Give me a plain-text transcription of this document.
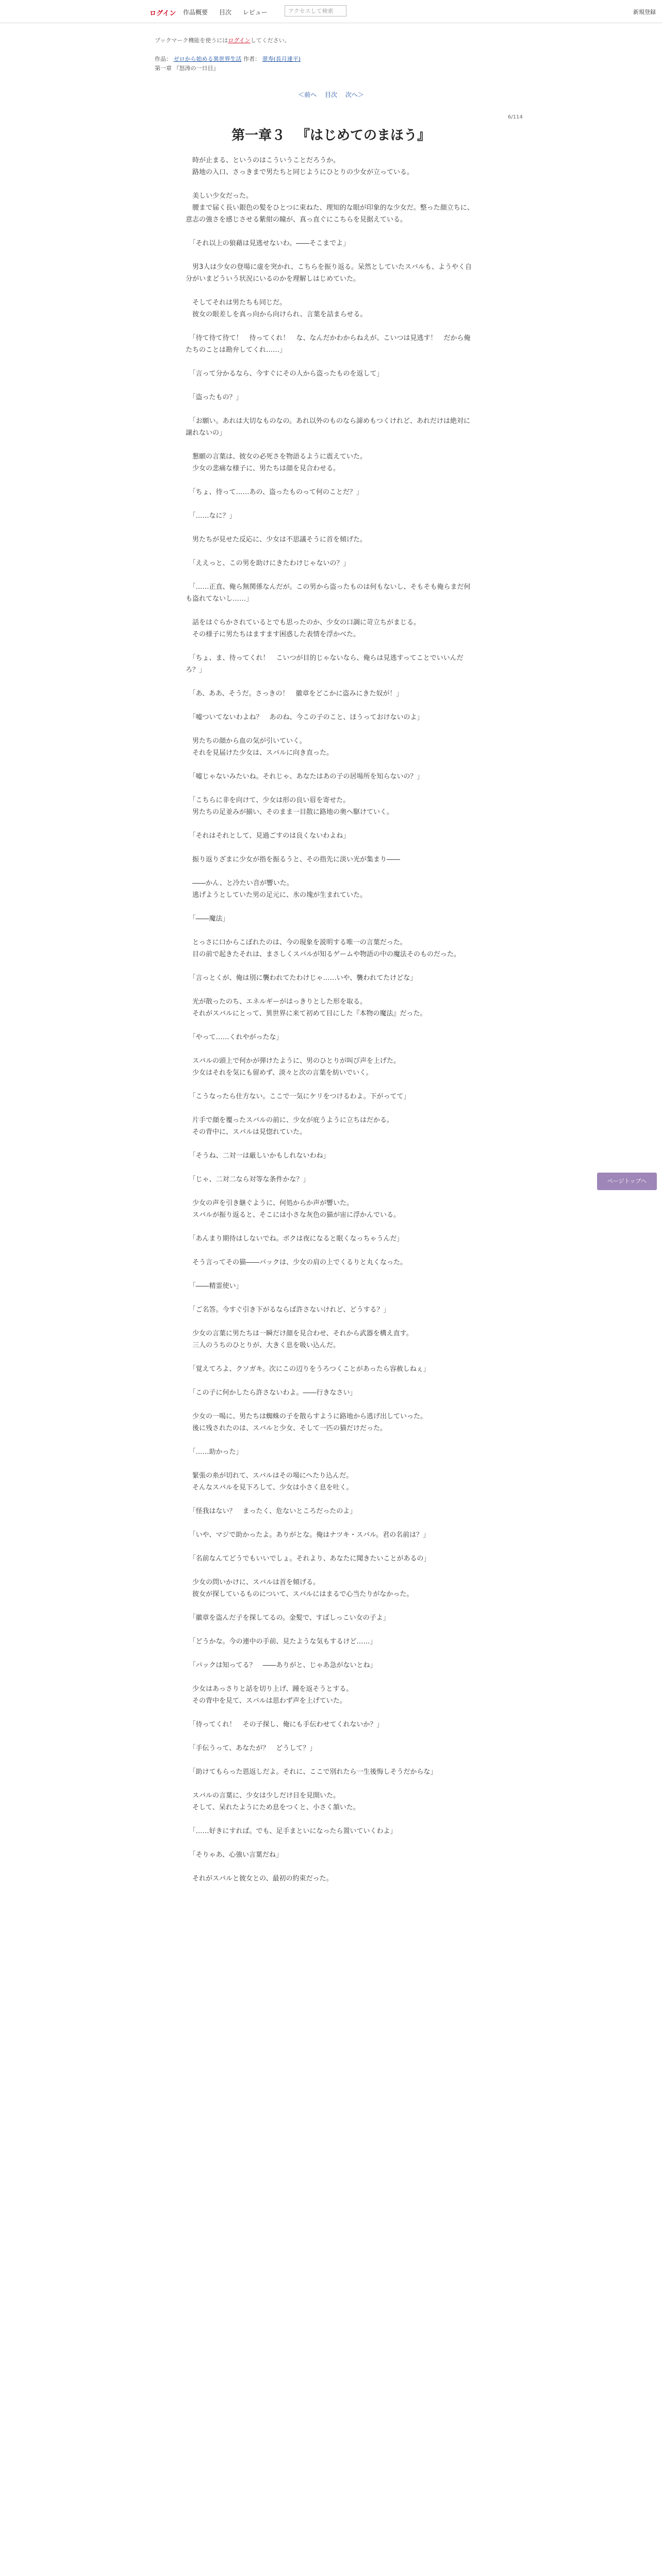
ログイン 作品概要 目次 レビュー	アクセスして検索	新規登録
ブックマーク機能を使うにはログインしてください。
作品： ゼロから始める異世界生活 作者： 翠寿(長月達平)
第一章 『怒涛の一日目』
＜前へ 目次 次へ＞
6/114
第一章３ 　『はじめてのまほう』

　時が止まる、というのはこういうことだろうか。
　路地の入口、さっきまで男たちと同じようにひとりの少女が立っている。

　美しい少女だった。
　腰まで届く長い銀色の髪をひとつに束ねた、理知的な眼が印象的な少女だ。整った顔立ちに、意志の強さを感じさせる紫紺の瞳が、真っ直ぐにこちらを見据えている。

　「それ以上の狼藉は見逃せないわ。――そこまでよ」

　男3人は少女の登場に虚を突かれ、こちらを振り返る。呆然としていたスバルも、ようやく自分がいまどういう状況にいるのかを理解しはじめていた。

　そしてそれは男たちも同じだ。
　彼女の眼差しを真っ向から向けられ、言葉を詰まらせる。

　「待て待て待て！　待ってくれ！　な、なんだかわからねえが、こいつは見逃す！　だから俺たちのことは勘弁してくれ……」

　「言って分かるなら、今すぐにその人から盗ったものを返して」

　「盗ったもの？」

　「お願い。あれは大切なものなの。あれ以外のものなら諦めもつくけれど、あれだけは絶対に譲れないの」

　懇願の言葉は、彼女の必死さを物語るように震えていた。
　少女の悲痛な様子に、男たちは顔を見合わせる。

　「ちょ、待って……あの、盗ったものって何のことだ？」

　「……なに？」

　男たちが見せた反応に、少女は不思議そうに首を傾げた。

　「ええっと、この男を助けにきたわけじゃないの？」

　「……正直、俺ら無関係なんだが。この男から盗ったものは何もないし、そもそも俺らまだ何も盗れてないし……」

　話をはぐらかされているとでも思ったのか、少女の口調に苛立ちがまじる。
　その様子に男たちはますます困惑した表情を浮かべた。

　「ちょ、ま、待ってくれ！　こいつが目的じゃないなら、俺らは見逃すってことでいいんだろ？」

　「あ、ああ、そうだ。さっきの！　徽章をどこかに盗みにきた奴が！」

　「嘘ついてないわよね？　あのね、今この子のこと、ほうっておけないのよ」

　男たちの顔から血の気が引いていく。
　それを見届けた少女は、スバルに向き直った。

　「嘘じゃないみたいね。それじゃ、あなたはあの子の居場所を知らないの？」

　「こちらに非を向けて、少女は形の良い眉を寄せた。
　男たちの足並みが揃い、そのまま一目散に路地の奥へ駆けていく。

　「それはそれとして、見過ごすのは良くないわよね」

　振り返りざまに少女が指を振るうと、その指先に淡い光が集まり――

　――かん、と冷たい音が響いた。
　逃げようとしていた男の足元に、氷の塊が生まれていた。

　「――魔法」

　とっさに口からこぼれたのは、今の現象を説明する唯一の言葉だった。
　目の前で起きたそれは、まさしくスバルが知るゲームや物語の中の魔法そのものだった。

　「言っとくが、俺は別に襲われてたわけじゃ……いや、襲われてたけどな」

　光が散ったのち、エネルギーがはっきりとした形を取る。
　それがスバルにとって、異世界に来て初めて目にした『本物の魔法』だった。

　「やって……くれやがったな」

　スバルの頭上で何かが弾けたように、男のひとりが叫び声を上げた。
　少女はそれを気にも留めず、淡々と次の言葉を紡いでいく。

　「こうなったら仕方ない。ここで一気にケリをつけるわよ。下がってて」

　片手で顔を覆ったスバルの前に、少女が庇うように立ちはだかる。
　その背中に、スバルは見惚れていた。

　「そうね、二対一は厳しいかもしれないわね」

　「じゃ、二対二なら対等な条件かな？」

　少女の声を引き継ぐように、何処からか声が響いた。
　スバルが振り返ると、そこには小さな灰色の猫が宙に浮かんでいる。

　「あんまり期待はしないでね。ボクは夜になると眠くなっちゃうんだ」

　そう言ってその猫――パックは、少女の肩の上でくるりと丸くなった。

　「――精霊使い」

　「ご名答。今すぐ引き下がるならば許さないけれど、どうする？」

　少女の言葉に男たちは一瞬だけ顔を見合わせ、それから武器を構え直す。
　三人のうちのひとりが、大きく息を吸い込んだ。

　「覚えてろよ、クソガキ。次にこの辺りをうろつくことがあったら容赦しねぇ」

　「この子に何かしたら許さないわよ。――行きなさい」

　少女の一喝に、男たちは蜘蛛の子を散らすように路地から逃げ出していった。
　後に残されたのは、スバルと少女、そして一匹の猫だけだった。

　「……助かった」

　緊張の糸が切れて、スバルはその場にへたり込んだ。
　そんなスバルを見下ろして、少女は小さく息を吐く。

　「怪我はない？　まったく、危ないところだったのよ」

　「いや、マジで助かったよ。ありがとな。俺はナツキ・スバル。君の名前は？」

　「名前なんてどうでもいいでしょ。それより、あなたに聞きたいことがあるの」

　少女の問いかけに、スバルは首を傾げる。
　彼女が探しているものについて、スバルにはまるで心当たりがなかった。

　「徽章を盗んだ子を探してるの。金髪で、すばしっこい女の子よ」

　「どうかな。今の連中の手前、見たような気もするけど……」

　「パックは知ってる？　――ありがと、じゃあ急がないとね」

　少女はあっさりと話を切り上げ、踵を返そうとする。
　その背中を見て、スバルは思わず声を上げていた。

　「待ってくれ！　その子探し、俺にも手伝わせてくれないか？」

　「手伝うって、あなたが？　どうして？」

　「助けてもらった恩返しだよ。それに、ここで別れたら一生後悔しそうだからな」

　スバルの言葉に、少女は少しだけ目を見開いた。
　そして、呆れたようにため息をつくと、小さく頷いた。

　「……好きにすれば。でも、足手まといになったら置いていくわよ」

　「そりゃあ、心強い言葉だね」

　それがスバルと彼女との、最初の約束だった。

ページトップへ
